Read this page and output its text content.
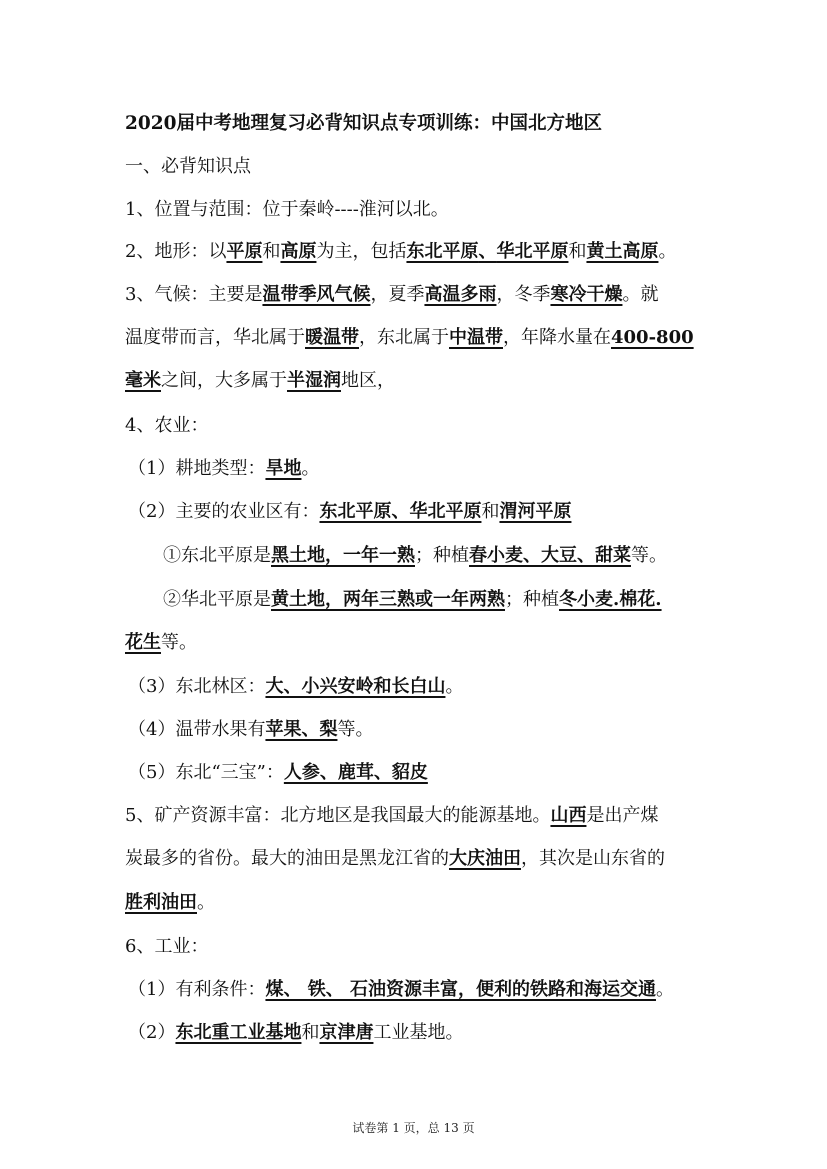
2020届中考地理复习必背知识点专项训练：中国北方地区
一、必背知识点
1、位置与范围：位于秦岭----淮河以北。
2、地形：以平原和高原为主，包括东北平原、华北平原和黄土高原。
3、气候：主要是温带季风气候，夏季高温多雨，冬季寒冷干燥。就
温度带而言，华北属于暖温带，东北属于中温带，年降水量在400-800
毫米之间，大多属于半湿润地区，
4、农业：
（1）耕地类型：旱地。
（2）主要的农业区有：东北平原、华北平原和渭河平原
①东北平原是黑土地，一年一熟；种植春小麦、大豆、甜菜等。
②华北平原是黄土地，两年三熟或一年两熟；种植冬小麦.棉花.
花生等。
（3）东北林区：大、小兴安岭和长白山。
（4）温带水果有苹果、梨等。
（5）东北“三宝”：人参、鹿茸、貂皮
5、矿产资源丰富：北方地区是我国最大的能源基地。山西是出产煤
炭最多的省份。最大的油田是黑龙江省的大庆油田，其次是山东省的
胜利油田。
6、工业：
（1）有利条件：煤、 铁、 石油资源丰富，便利的铁路和海运交通。
（2）东北重工业基地和京津唐工业基地。
试卷第 1 页，总 13 页
